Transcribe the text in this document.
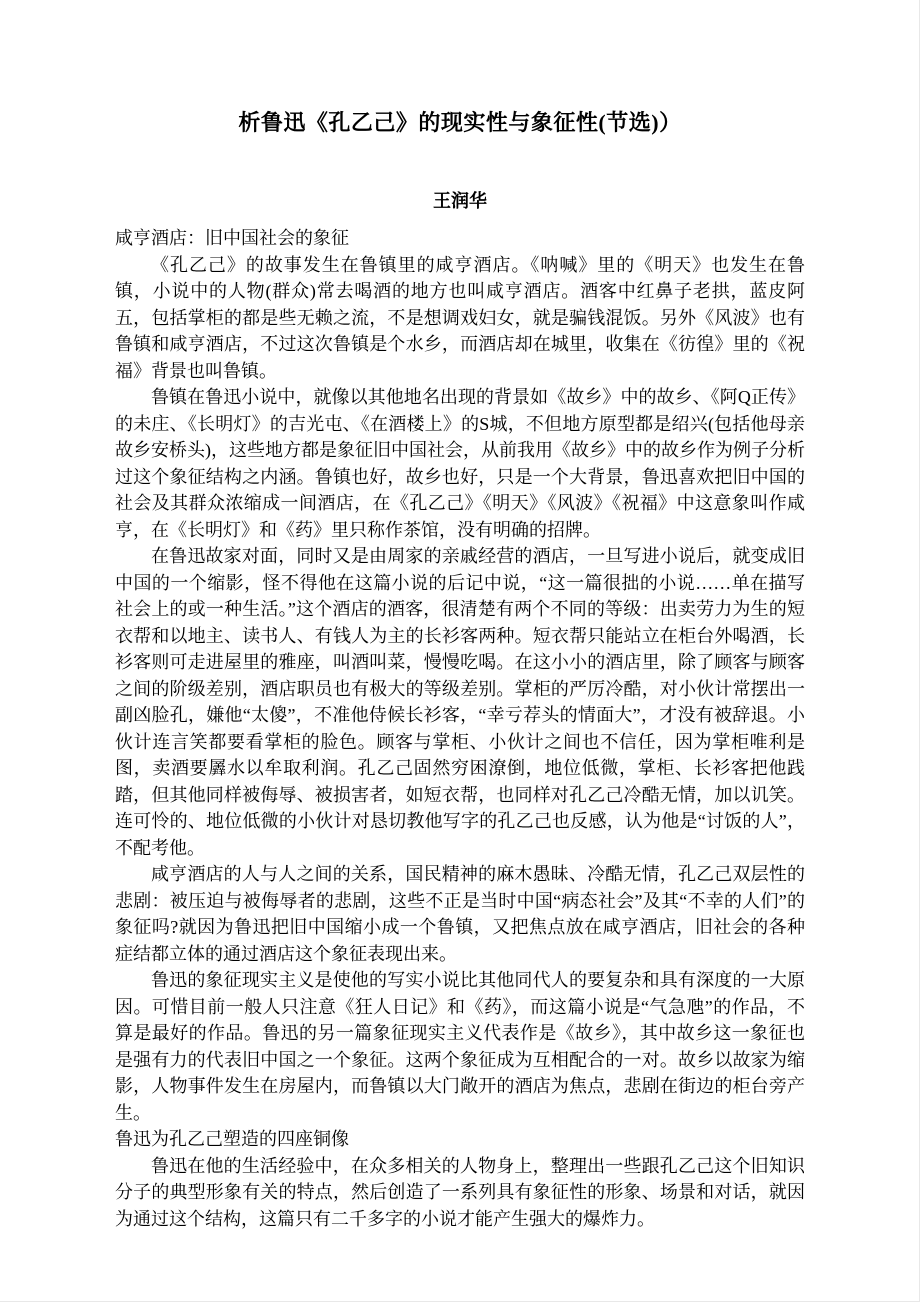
析鲁迅《孔乙己》的现实性与象征性(节选)）
王润华

咸亨酒店：旧中国社会的象征

《孔乙己》的故事发生在鲁镇里的咸亨酒店。《呐喊》里的《明天》也发生在鲁镇，小说中的人物(群众)常去喝酒的地方也叫咸亨酒店。酒客中红鼻子老拱，蓝皮阿五，包括掌柜的都是些无赖之流，不是想调戏妇女，就是骗钱混饭。另外《风波》也有鲁镇和咸亨酒店，不过这次鲁镇是个水乡，而酒店却在城里，收集在《彷徨》里的《祝福》背景也叫鲁镇。

鲁镇在鲁迅小说中，就像以其他地名出现的背景如《故乡》中的故乡、《阿Q正传》的未庄、《长明灯》的吉光屯、《在酒楼上》的S城，不但地方原型都是绍兴(包括他母亲故乡安桥头)，这些地方都是象征旧中国社会，从前我用《故乡》中的故乡作为例子分析过这个象征结构之内涵。鲁镇也好，故乡也好，只是一个大背景，鲁迅喜欢把旧中国的社会及其群众浓缩成一间酒店，在《孔乙己》《明天》《风波》《祝福》中这意象叫作咸亨，在《长明灯》和《药》里只称作茶馆，没有明确的招牌。

在鲁迅故家对面，同时又是由周家的亲戚经营的酒店，一旦写进小说后，就变成旧中国的一个缩影，怪不得他在这篇小说的后记中说，“这一篇很拙的小说……单在描写社会上的或一种生活。”这个酒店的酒客，很清楚有两个不同的等级：出卖劳力为生的短衣帮和以地主、读书人、有钱人为主的长衫客两种。短衣帮只能站立在柜台外喝酒，长衫客则可走进屋里的雅座，叫酒叫菜，慢慢吃喝。在这小小的酒店里，除了顾客与顾客之间的阶级差别，酒店职员也有极大的等级差别。掌柜的严厉冷酷，对小伙计常摆出一副凶脸孔，嫌他“太傻”，不准他侍候长衫客，“幸亏荐头的情面大”，才没有被辞退。小伙计连言笑都要看掌柜的脸色。顾客与掌柜、小伙计之间也不信任，因为掌柜唯利是图，卖酒要羼水以牟取利润。孔乙己固然穷困潦倒，地位低微，掌柜、长衫客把他践踏，但其他同样被侮辱、被损害者，如短衣帮，也同样对孔乙己冷酷无情，加以讥笑。连可怜的、地位低微的小伙计对恳切教他写字的孔乙己也反感，认为他是“讨饭的人”，不配考他。

咸亨酒店的人与人之间的关系，国民精神的麻木愚昧、冷酷无情，孔乙己双层性的悲剧：被压迫与被侮辱者的悲剧，这些不正是当时中国“病态社会”及其“不幸的人们”的象征吗?就因为鲁迅把旧中国缩小成一个鲁镇，又把焦点放在咸亨酒店，旧社会的各种症结都立体的通过酒店这个象征表现出来。

鲁迅的象征现实主义是使他的写实小说比其他同代人的要复杂和具有深度的一大原因。可惜目前一般人只注意《狂人日记》和《药》，而这篇小说是“气急虺”的作品，不算是最好的作品。鲁迅的另一篇象征现实主义代表作是《故乡》，其中故乡这一象征也是强有力的代表旧中国之一个象征。这两个象征成为互相配合的一对。故乡以故家为缩影，人物事件发生在房屋内，而鲁镇以大门敞开的酒店为焦点，悲剧在街边的柜台旁产生。

鲁迅为孔乙己塑造的四座铜像

鲁迅在他的生活经验中，在众多相关的人物身上，整理出一些跟孔乙己这个旧知识分子的典型形象有关的特点，然后创造了一系列具有象征性的形象、场景和对话，就因为通过这个结构，这篇只有二千多字的小说才能产生强大的爆炸力。
